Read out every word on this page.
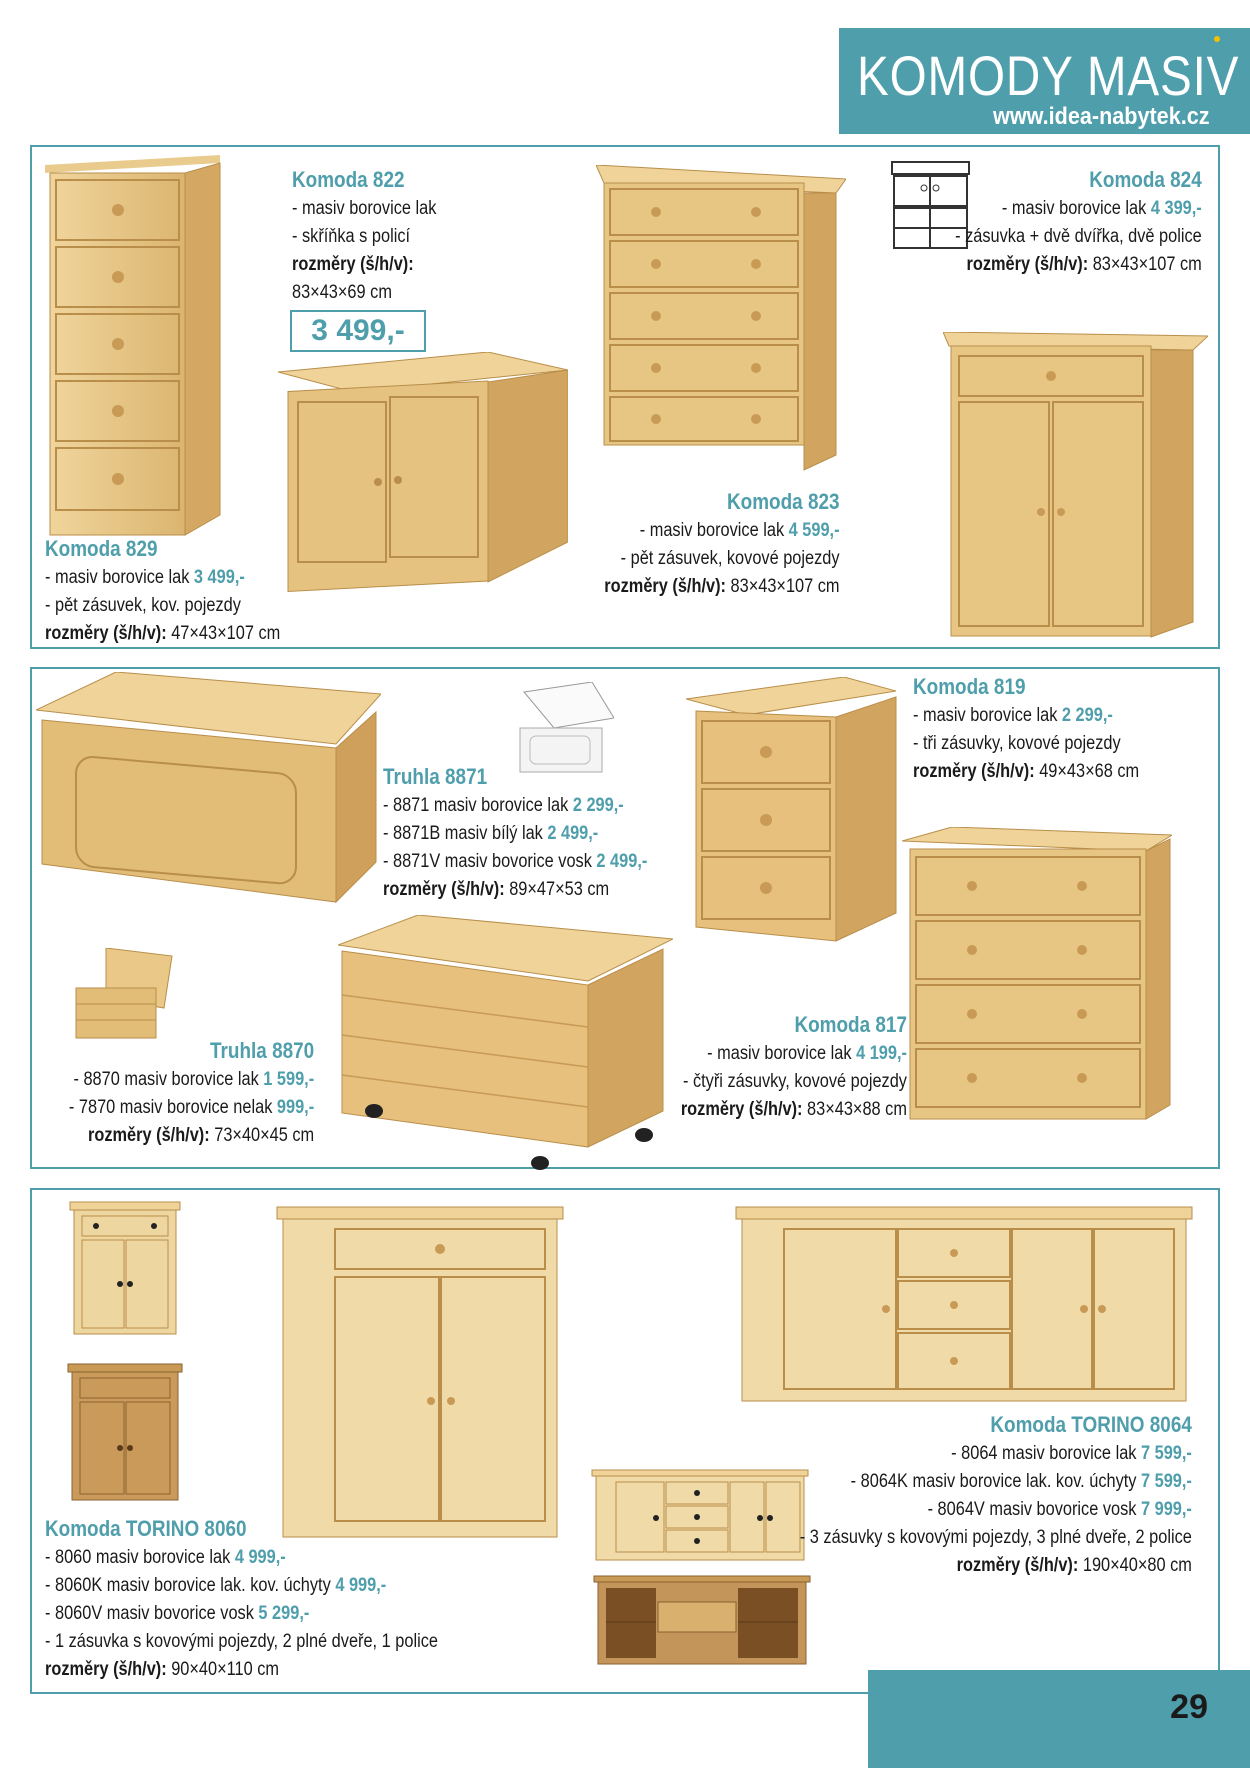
KOMODY MASIV
www.idea-nabytek.cz
3 499,-
Komoda 822
- masiv borovice lak
- skříňka s policí
rozměry (š/h/v):
83×43×69 cm
Komoda 824
- masiv borovice lak 4 399,-
- zásuvka + dvě dvířka, dvě police
rozměry (š/h/v): 83×43×107 cm
Komoda 823
- masiv borovice lak 4 599,-
- pět zásuvek, kovové pojezdy
rozměry (š/h/v): 83×43×107 cm
Komoda 829
- masiv borovice lak 3 499,-
- pět zásuvek, kov. pojezdy
rozměry (š/h/v): 47×43×107 cm
Komoda 819
- masiv borovice lak 2 299,-
- tři zásuvky, kovové pojezdy
rozměry (š/h/v): 49×43×68 cm
Truhla 8871
- 8871 masiv borovice lak 2 299,-
- 8871B masiv bílý lak 2 499,-
- 8871V masiv bovorice vosk 2 499,-
rozměry (š/h/v): 89×47×53 cm
Truhla 8870
- 8870 masiv borovice lak 1 599,-
- 7870 masiv borovice nelak 999,-
rozměry (š/h/v): 73×40×45 cm
Komoda 817
- masiv borovice lak 4 199,-
- čtyři zásuvky, kovové pojezdy
rozměry (š/h/v): 83×43×88 cm
Komoda TORINO 8064
- 8064 masiv borovice lak 7 599,-
- 8064K masiv borovice lak. kov. úchyty 7 599,-
- 8064V masiv bovorice vosk 7 999,-
- 3 zásuvky s kovovými pojezdy, 3 plné dveře, 2 police
rozměry (š/h/v): 190×40×80 cm
Komoda TORINO 8060
- 8060 masiv borovice lak 4 999,-
- 8060K masiv borovice lak. kov. úchyty 4 999,-
- 8060V masiv bovorice vosk 5 299,-
- 1 zásuvka s kovovými pojezdy, 2 plné dveře, 1 police
rozměry (š/h/v): 90×40×110 cm
29
